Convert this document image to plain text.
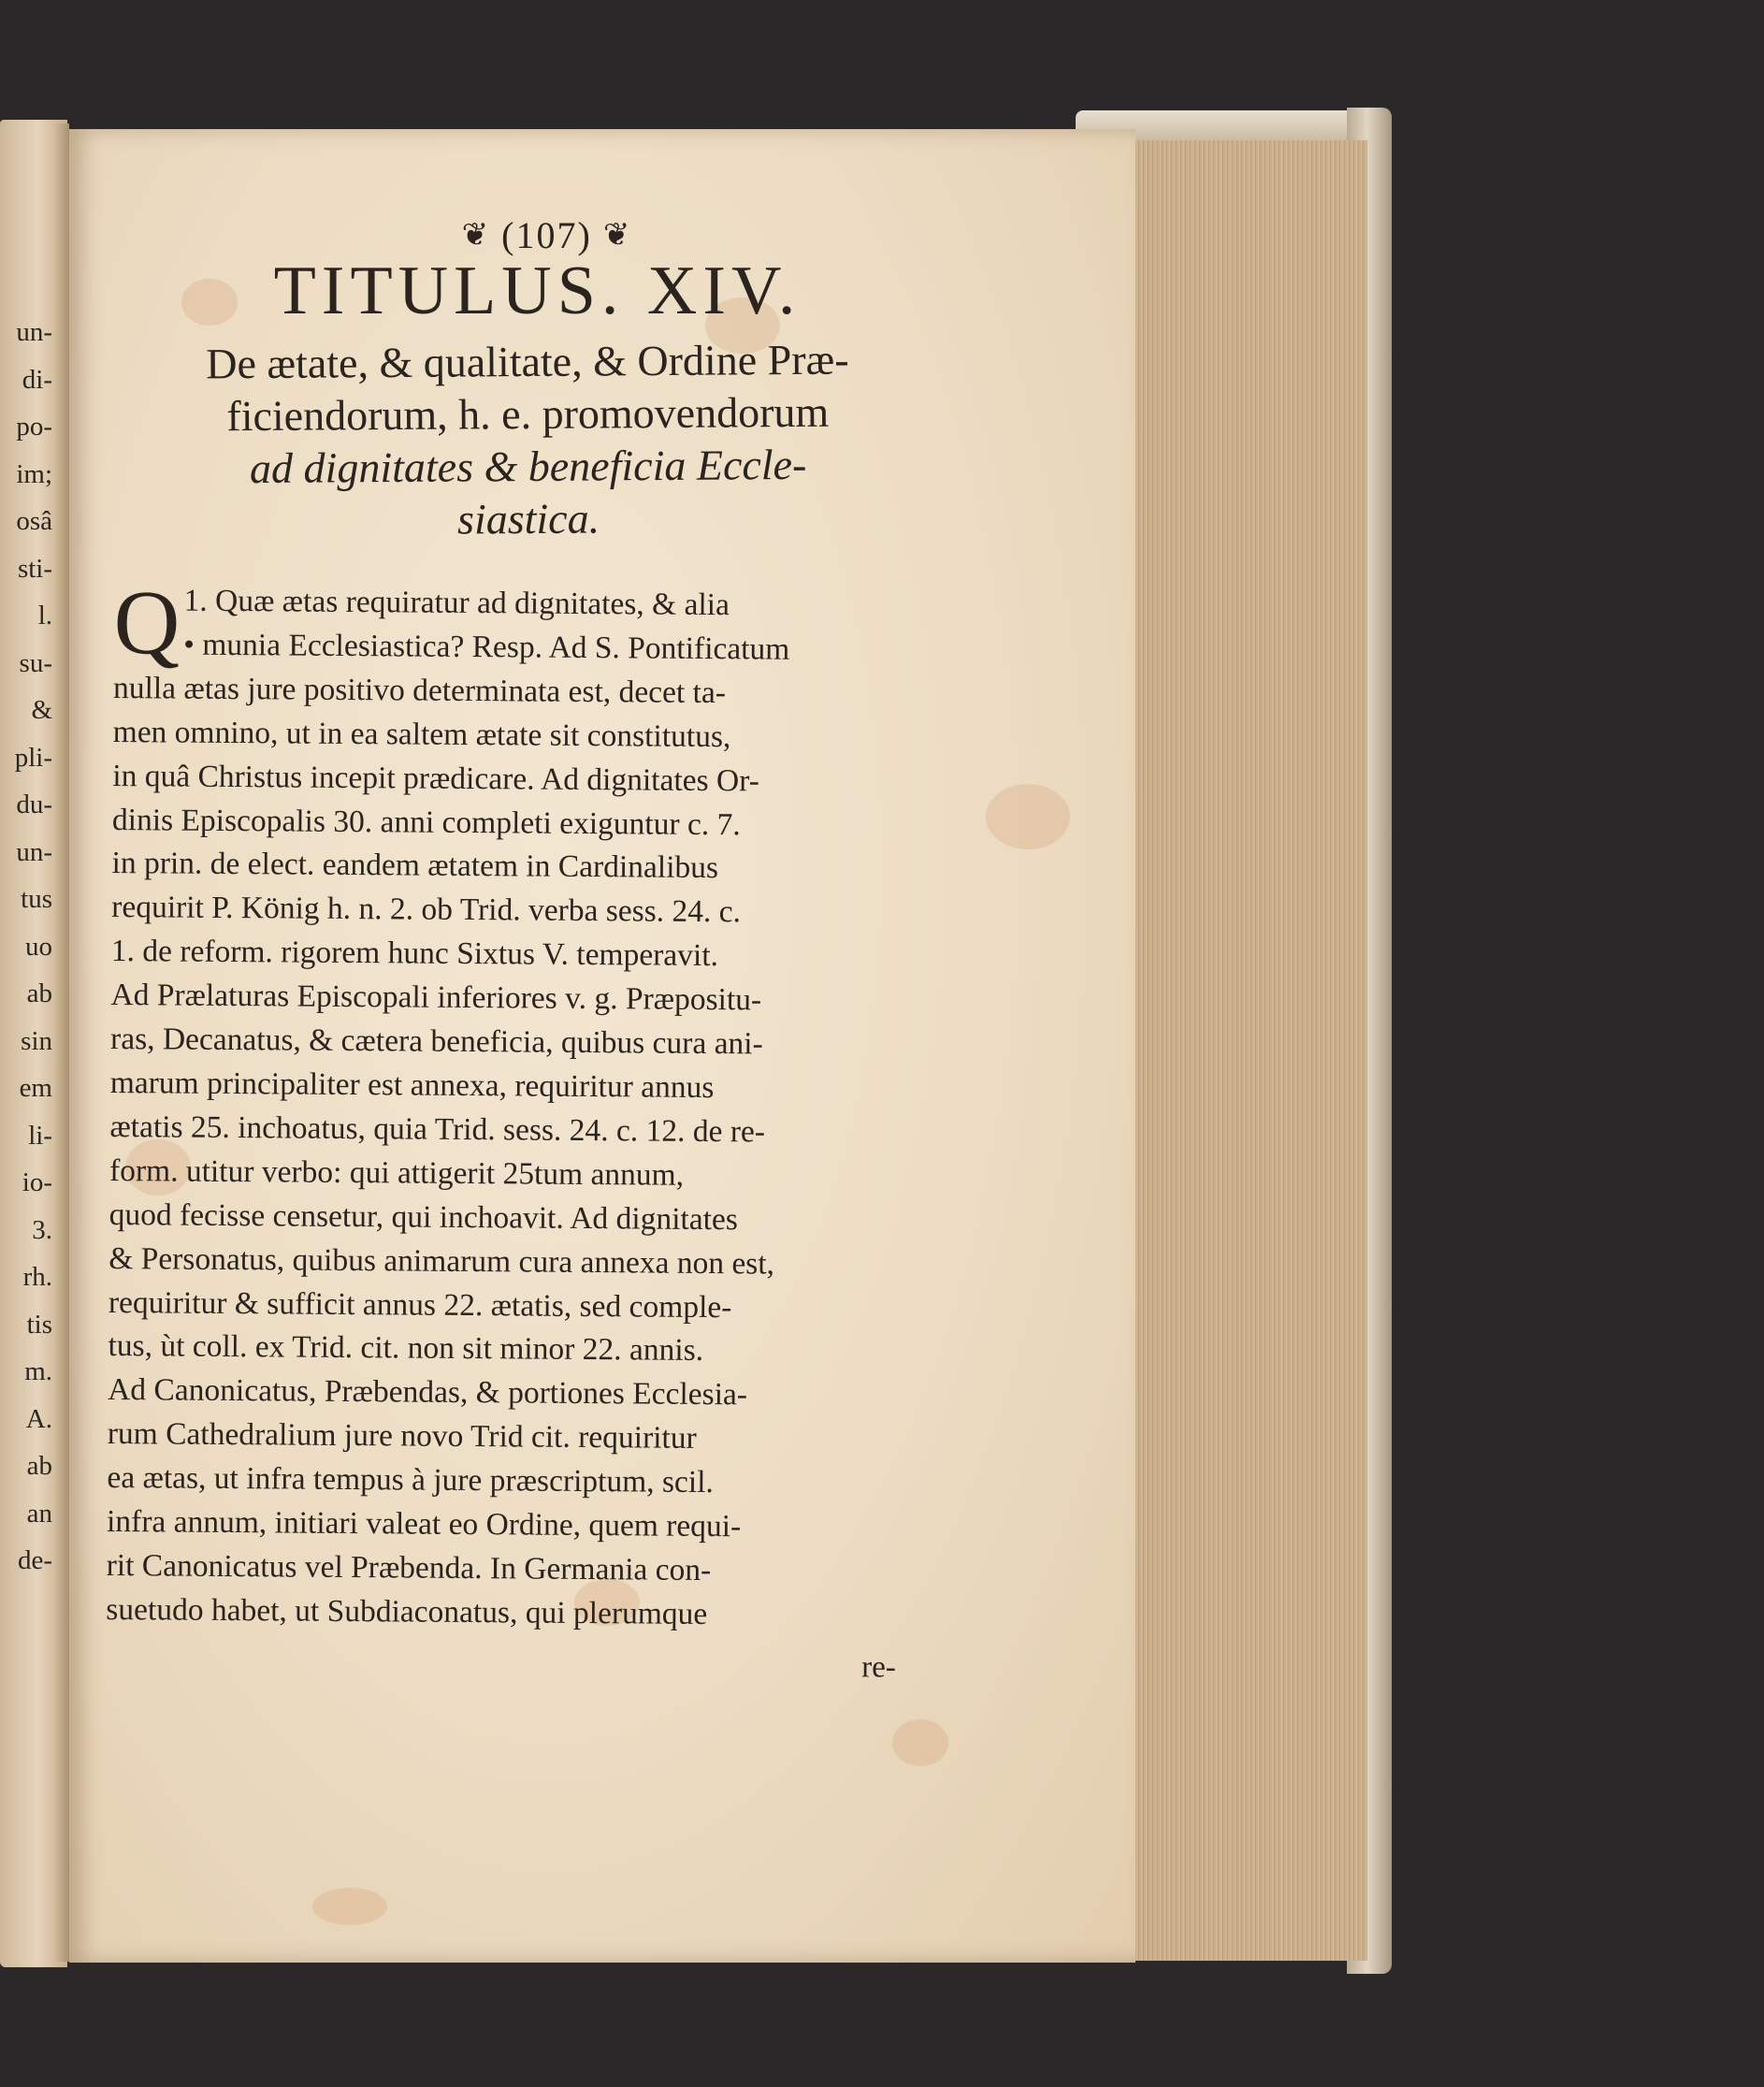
un-
di-
po-
im;
osâ
sti-
l.
su-
&
pli-
du-
un-
tus
uo
ab
sin
em
li-
io-
3.
rh.
tis
m.
A.
ab
an
de-
❦ (107) ❦
TITULUS. XIV.
De ætate, & qualitate, & Ordine Præ-
ficiendorum, h. e. promovendorum
ad dignitates & beneficia Eccle-
siastica.
Q 1. Quæ ætas requiratur ad dignitates, & alia
• munia Ecclesiastica? Resp. Ad S. Pontificatum
nulla ætas jure positivo determinata est, decet ta-
men omnino, ut in ea saltem ætate sit constitutus,
in quâ Christus incepit prædicare. Ad dignitates Or-
dinis Episcopalis 30. anni completi exiguntur c. 7.
in prin. de elect. eandem ætatem in Cardinalibus
requirit P. König h. n. 2. ob Trid. verba sess. 24. c.
1. de reform. rigorem hunc Sixtus V. temperavit.
Ad Prælaturas Episcopali inferiores v. g. Præpositu-
ras, Decanatus, & cætera beneficia, quibus cura ani-
marum principaliter est annexa, requiritur annus
ætatis 25. inchoatus, quia Trid. sess. 24. c. 12. de re-
form. utitur verbo: qui attigerit 25tum annum,
quod fecisse censetur, qui inchoavit. Ad dignitates
& Personatus, quibus animarum cura annexa non est,
requiritur & sufficit annus 22. ætatis, sed comple-
tus, ùt coll. ex Trid. cit. non sit minor 22. annis.
Ad Canonicatus, Præbendas, & portiones Ecclesia-
rum Cathedralium jure novo Trid cit. requiritur
ea ætas, ut infra tempus à jure præscriptum, scil.
infra annum, initiari valeat eo Ordine, quem requi-
rit Canonicatus vel Præbenda. In Germania con-
suetudo habet, ut Subdiaconatus, qui plerumque

re-
